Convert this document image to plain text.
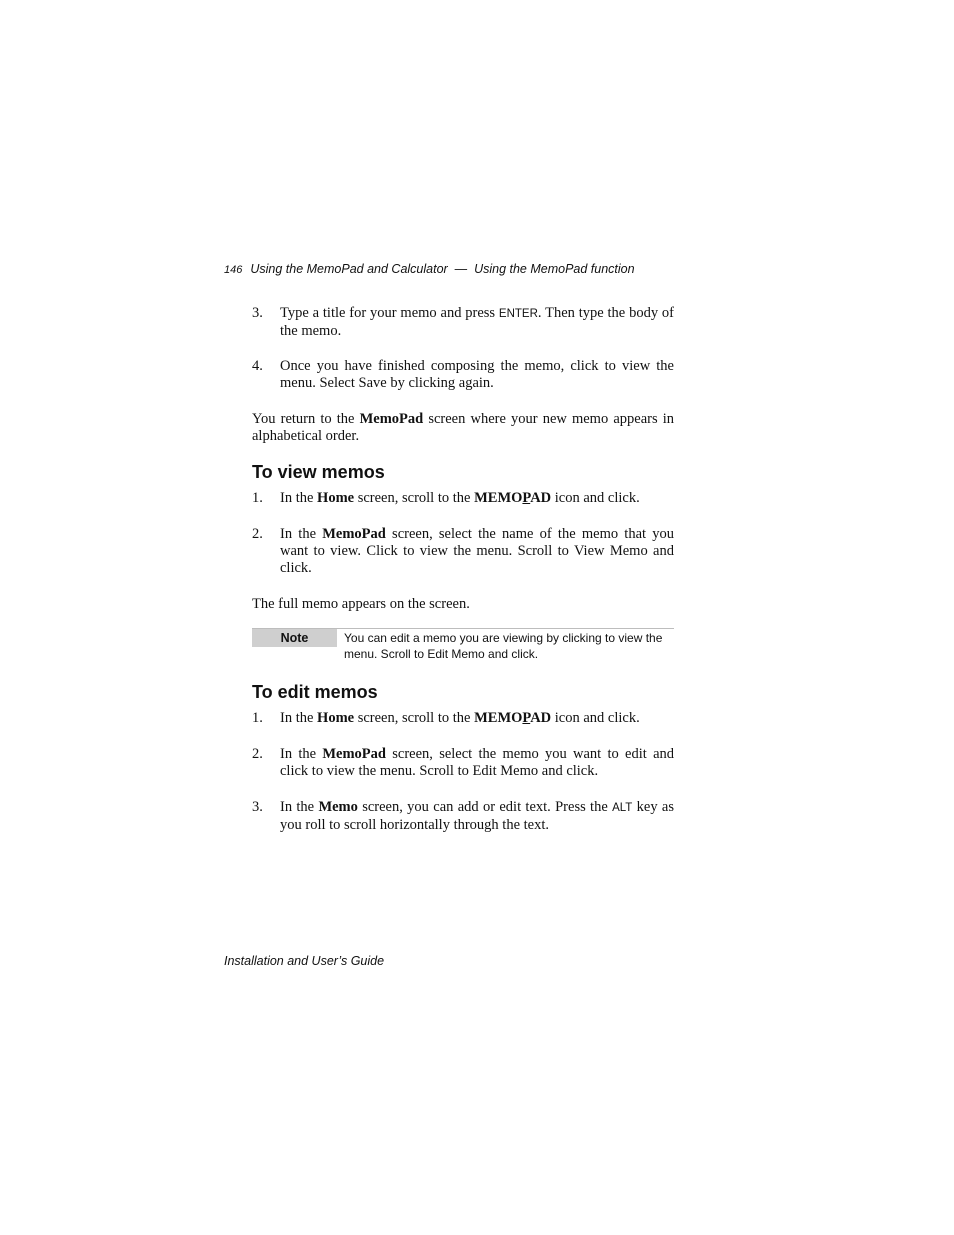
146 Using the MemoPad and Calculator  —  Using the MemoPad function
3. Type a title for your memo and press ENTER. Then type the body of the memo.
4. Once you have finished composing the memo, click to view the menu. Select Save by clicking again.
You return to the MemoPad screen where your new memo appears in alphabetical order.
To view memos
1. In the Home screen, scroll to the MEMOPAD icon and click.
2. In the MemoPad screen, select the name of the memo that you want to view. Click to view the menu. Scroll to View Memo and click.
The full memo appears on the screen.
Note	You can edit a memo you are viewing by clicking to view the menu. Scroll to Edit Memo and click.
To edit memos
1. In the Home screen, scroll to the MEMOPAD icon and click.
2. In the MemoPad screen, select the memo you want to edit and click to view the menu. Scroll to Edit Memo and click.
3. In the Memo screen, you can add or edit text. Press the ALT key as you roll to scroll horizontally through the text.
Installation and User’s Guide
